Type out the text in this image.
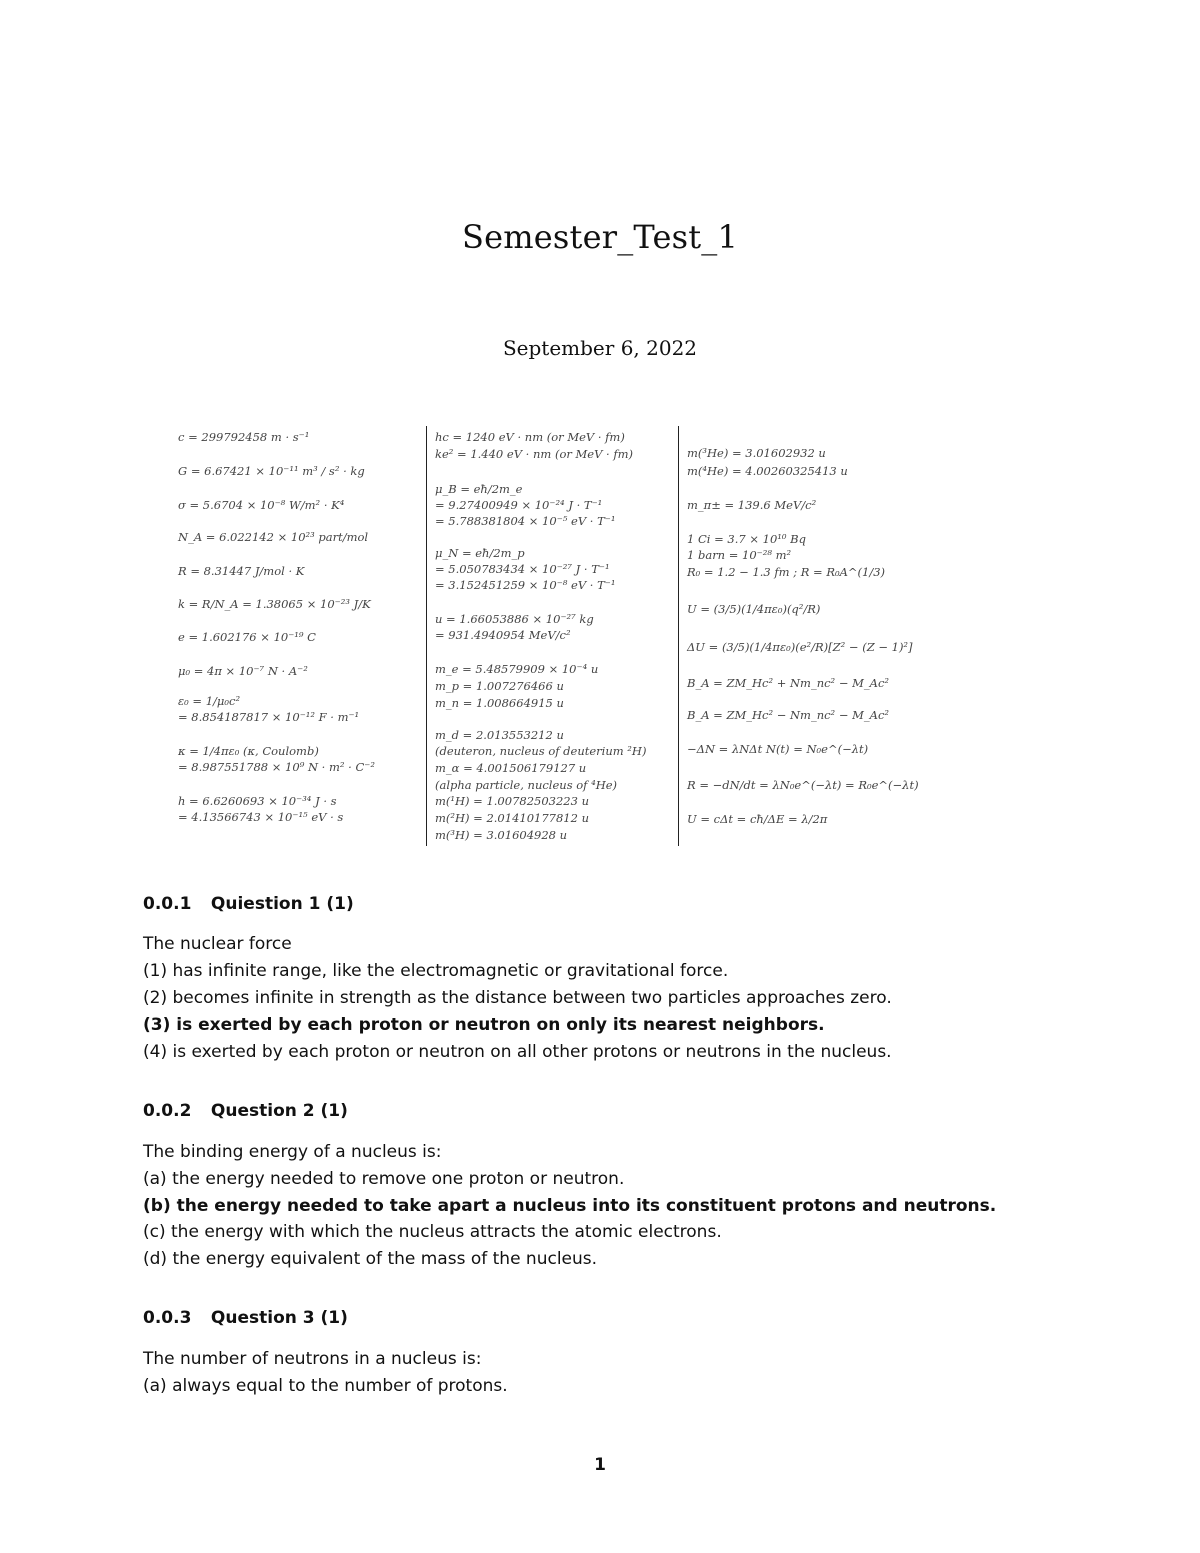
Semester_Test_1
September 6, 2022
c = 299792458 m · s⁻¹
G = 6.67421 × 10⁻¹¹ m³ / s² · kg
σ = 5.6704 × 10⁻⁸ W/m² · K⁴
N_A = 6.022142 × 10²³ part/mol
R = 8.31447 J/mol · K
k = R/N_A = 1.38065 × 10⁻²³ J/K
e = 1.602176 × 10⁻¹⁹ C
μ₀ = 4π × 10⁻⁷ N · A⁻²
ε₀ = 1/μ₀c²
= 8.854187817 × 10⁻¹² F · m⁻¹
κ = 1/4πε₀ (κ, Coulomb)
= 8.987551788 × 10⁹ N · m² · C⁻²
h = 6.6260693 × 10⁻³⁴ J · s
= 4.13566743 × 10⁻¹⁵ eV · s
hc = 1240 eV · nm (or MeV · fm)
ke² = 1.440 eV · nm (or MeV · fm)
μ_B = eħ/2m_e
= 9.27400949 × 10⁻²⁴ J · T⁻¹
= 5.788381804 × 10⁻⁵ eV · T⁻¹
μ_N = eħ/2m_p
= 5.050783434 × 10⁻²⁷ J · T⁻¹
= 3.152451259 × 10⁻⁸ eV · T⁻¹
u = 1.66053886 × 10⁻²⁷ kg
= 931.4940954 MeV/c²
m_e = 5.48579909 × 10⁻⁴ u
m_p = 1.007276466 u
m_n = 1.008664915 u
m_d = 2.013553212 u
(deuteron, nucleus of deuterium ²H)
m_α = 4.001506179127 u
(alpha particle, nucleus of ⁴He)
m(¹H) = 1.00782503223 u
m(²H) = 2.01410177812 u
m(³H) = 3.01604928 u
m(³He) = 3.01602932 u
m(⁴He) = 4.00260325413 u
m_π± = 139.6 MeV/c²
1 Ci = 3.7 × 10¹⁰ Bq
1 barn = 10⁻²⁸ m²
R₀ = 1.2 − 1.3 fm ; R = R₀A^(1/3)
U = (3/5)(1/4πε₀)(q²/R)
ΔU = (3/5)(1/4πε₀)(e²/R)[Z² − (Z − 1)²]
B_A = ZM_Hc² + Nm_nc² − M_Ac²
B_A = ZM_Hc² − Nm_nc² − M_Ac²
−ΔN = λNΔt N(t) = N₀e^(−λt)
R = −dN/dt = λN₀e^(−λt) = R₀e^(−λt)
U = cΔt = cħ/ΔE = λ/2π
0.0.1 Quiestion 1 (1)
The nuclear force
(1) has infinite range, like the electromagnetic or gravitational force.
(2) becomes infinite in strength as the distance between two particles approaches zero.
(3) is exerted by each proton or neutron on only its nearest neighbors.
(4) is exerted by each proton or neutron on all other protons or neutrons in the nucleus.
0.0.2 Question 2 (1)
The binding energy of a nucleus is:
(a) the energy needed to remove one proton or neutron.
(b) the energy needed to take apart a nucleus into its constituent protons and neutrons.
(c) the energy with which the nucleus attracts the atomic electrons.
(d) the energy equivalent of the mass of the nucleus.
0.0.3 Question 3 (1)
The number of neutrons in a nucleus is:
(a) always equal to the number of protons.
1
